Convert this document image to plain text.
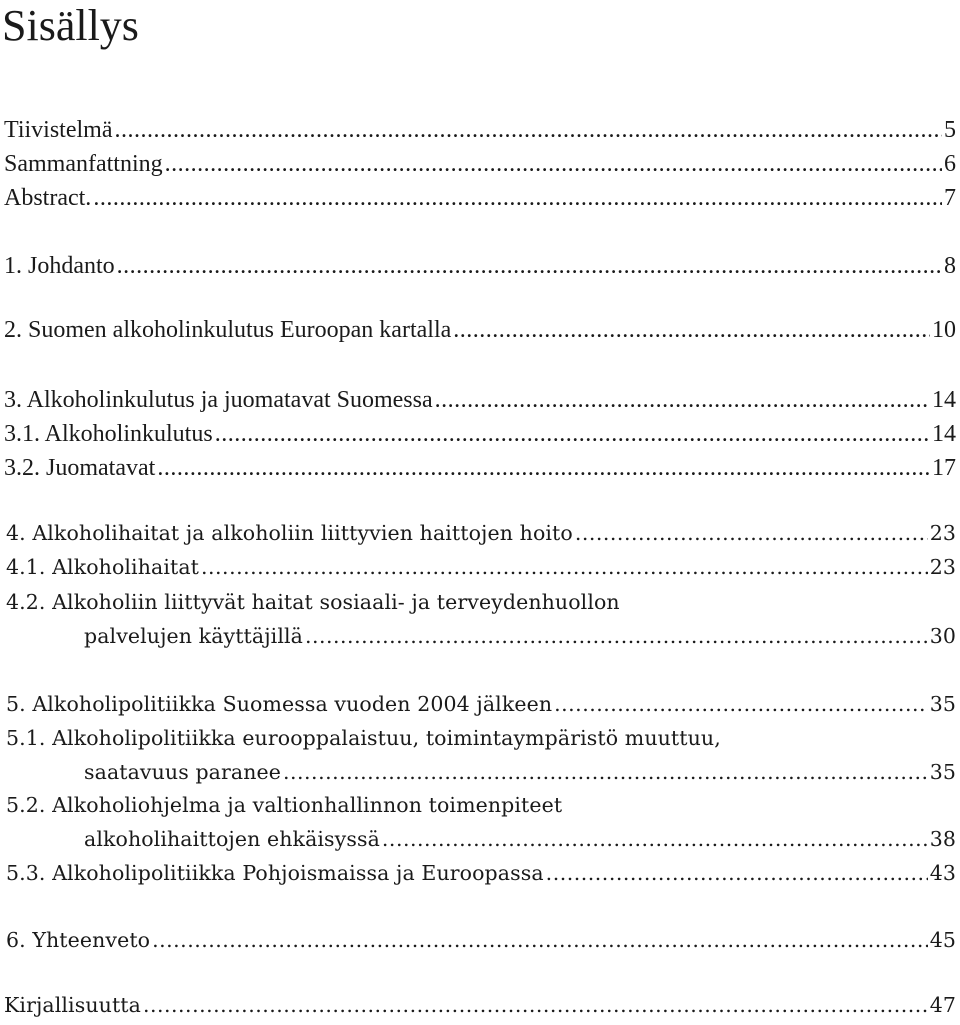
Sisällys
Tiivistelmä .....	5
Sammanfattning .....	6
Abstract. .....	7
1. Johdanto .....	8
2. Suomen alkoholinkulutus Euroopan kartalla .....	10
3. Alkoholinkulutus ja juomatavat Suomessa .....	14
3.1. Alkoholinkulutus .....	14
3.2. Juomatavat .....	17
4. Alkoholihaitat ja alkoholiin liittyvien haittojen hoito .....	23
4.1. Alkoholihaitat .....	23
4.2. Alkoholiin liittyvät haitat sosiaali- ja terveydenhuollon
palvelujen käyttäjillä .....	30
5. Alkoholipolitiikka Suomessa vuoden 2004 jälkeen .....	35
5.1. Alkoholipolitiikka eurooppalaistuu, toimintaympäristö muuttuu,
saatavuus paranee .....	35
5.2. Alkoholiohjelma ja valtionhallinnon toimenpiteet
alkoholihaittojen ehkäisyssä .....	38
5.3. Alkoholipolitiikka Pohjoismaissa ja Euroopassa .....	43
6. Yhteenveto .....	45
Kirjallisuutta .....	47
